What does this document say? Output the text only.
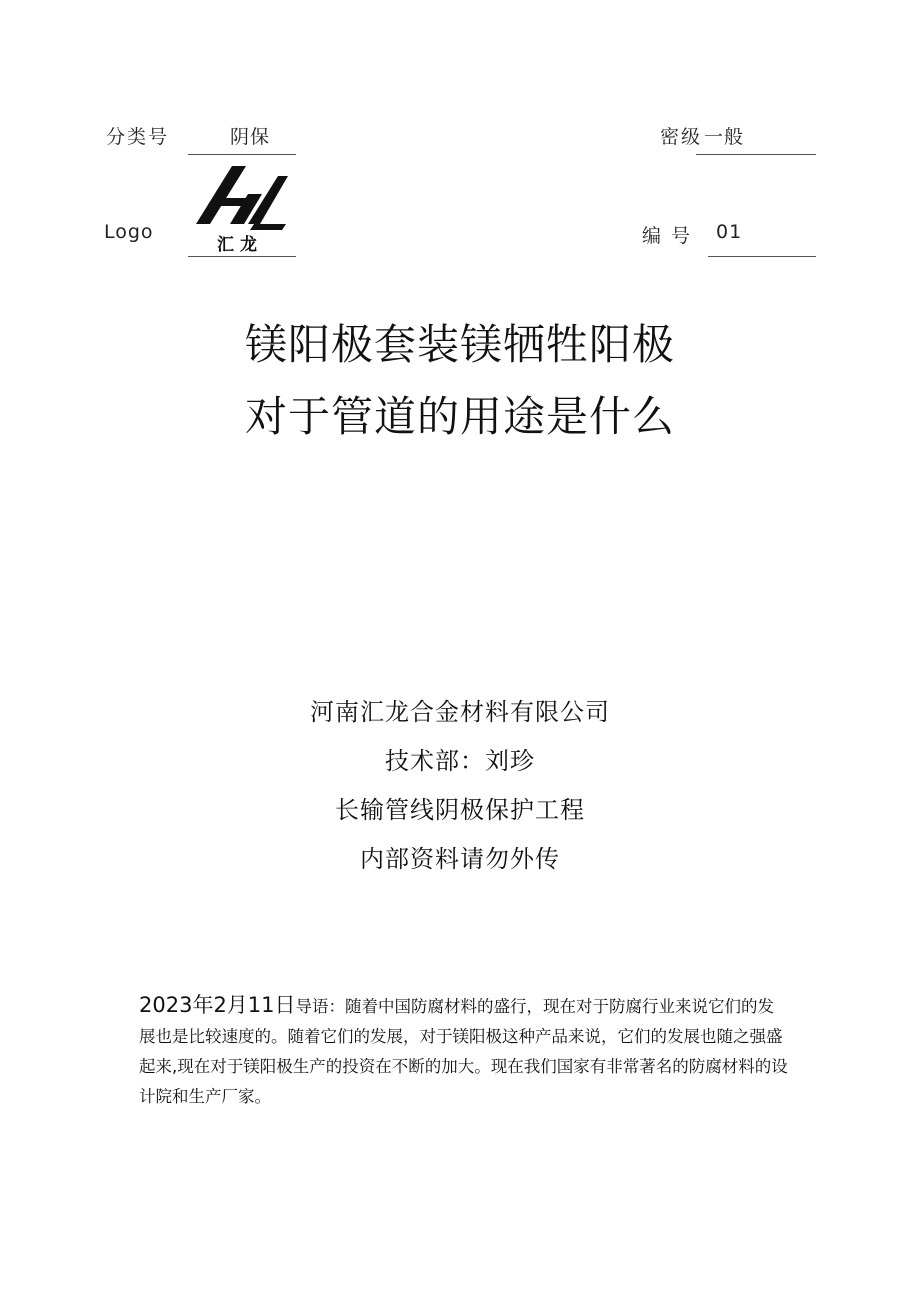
分类号	阴保	密级 一般
Logo
汇龙	编 号 01
镁阳极套装镁牺牲阳极
对于管道的用途是什么
河南汇龙合金材料有限公司
技术部：刘珍
长输管线阴极保护工程
内部资料请勿外传
2023年2月11日导语：随着中国防腐材料的盛行，现在对于防腐行业来说它们的发展也是比较速度的。随着它们的发展，对于镁阳极这种产品来说，它们的发展也随之强盛起来,现在对于镁阳极生产的投资在不断的加大。现在我们国家有非常著名的防腐材料的设计院和生产厂家。
